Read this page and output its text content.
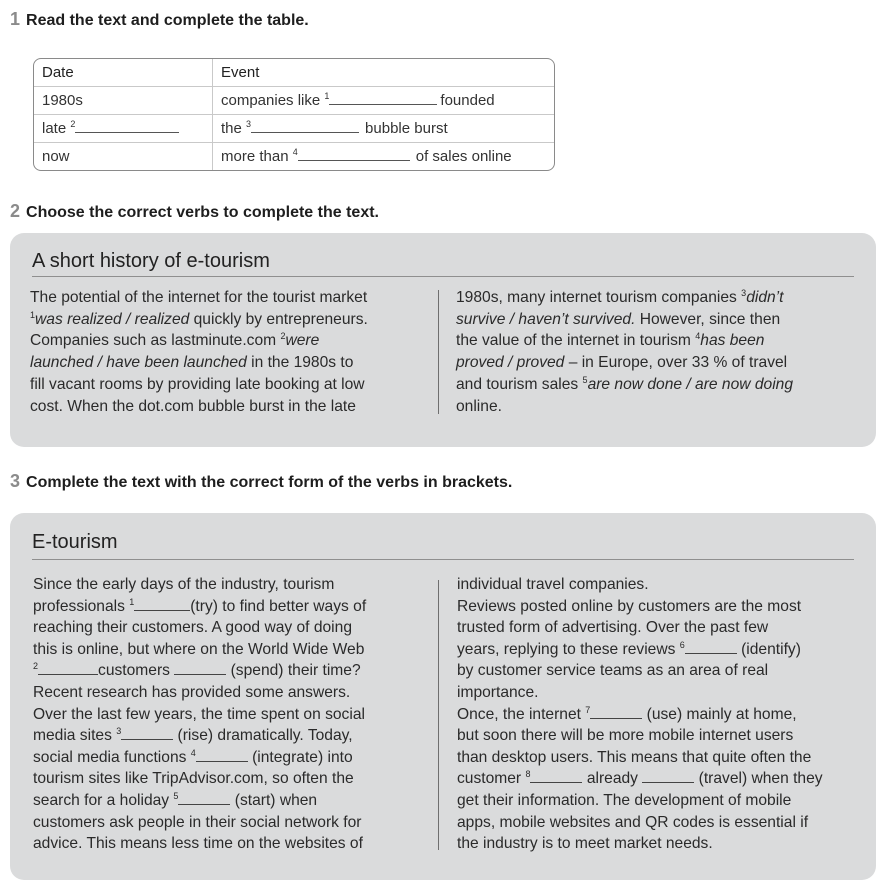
1 Read the text and complete the table.
Date	Event
1980s	companies like $^1$ founded
late $^2$	the $^3$ bubble burst
now	more than $^4$ of sales online
2 Choose the correct verbs to complete the text.
A short history of e-tourism
The potential of the internet for the tourist market
$^1$was realized / realized quickly by entrepreneurs.
Companies such as lastminute.com $^2$were
launched / have been launched in the 1980s to
fill vacant rooms by providing late booking at low
cost. When the dot.com bubble burst in the late
1980s, many internet tourism companies $^3$didn’t
survive / haven’t survived. However, since then
the value of the internet in tourism $^4$has been
proved / proved – in Europe, over 33 % of travel
and tourism sales $^5$are now done / are now doing
online.
3 Complete the text with the correct form of the verbs in brackets.
E-tourism
Since the early days of the industry, tourism
professionals $^1$	(try) to find better ways of
reaching their customers. A good way of doing
this is online, but where on the World Wide Web
$^2$	customers	(spend) their time?
Recent research has provided some answers.
Over the last few years, the time spent on social
media sites $^3$	(rise) dramatically. Today,
social media functions $^4$	(integrate) into
tourism sites like TripAdvisor.com, so often the
search for a holiday $^5$	(start) when
customers ask people in their social network for
advice. This means less time on the websites of
individual travel companies.
Reviews posted online by customers are the most
trusted form of advertising. Over the past few
years, replying to these reviews $^6$	(identify)
by customer service teams as an area of real
importance.
Once, the internet $^7$	(use) mainly at home,
but soon there will be more mobile internet users
than desktop users. This means that quite often the
customer $^8$	already	(travel) when they
get their information. The development of mobile
apps, mobile websites and QR codes is essential if
the industry is to meet market needs.
